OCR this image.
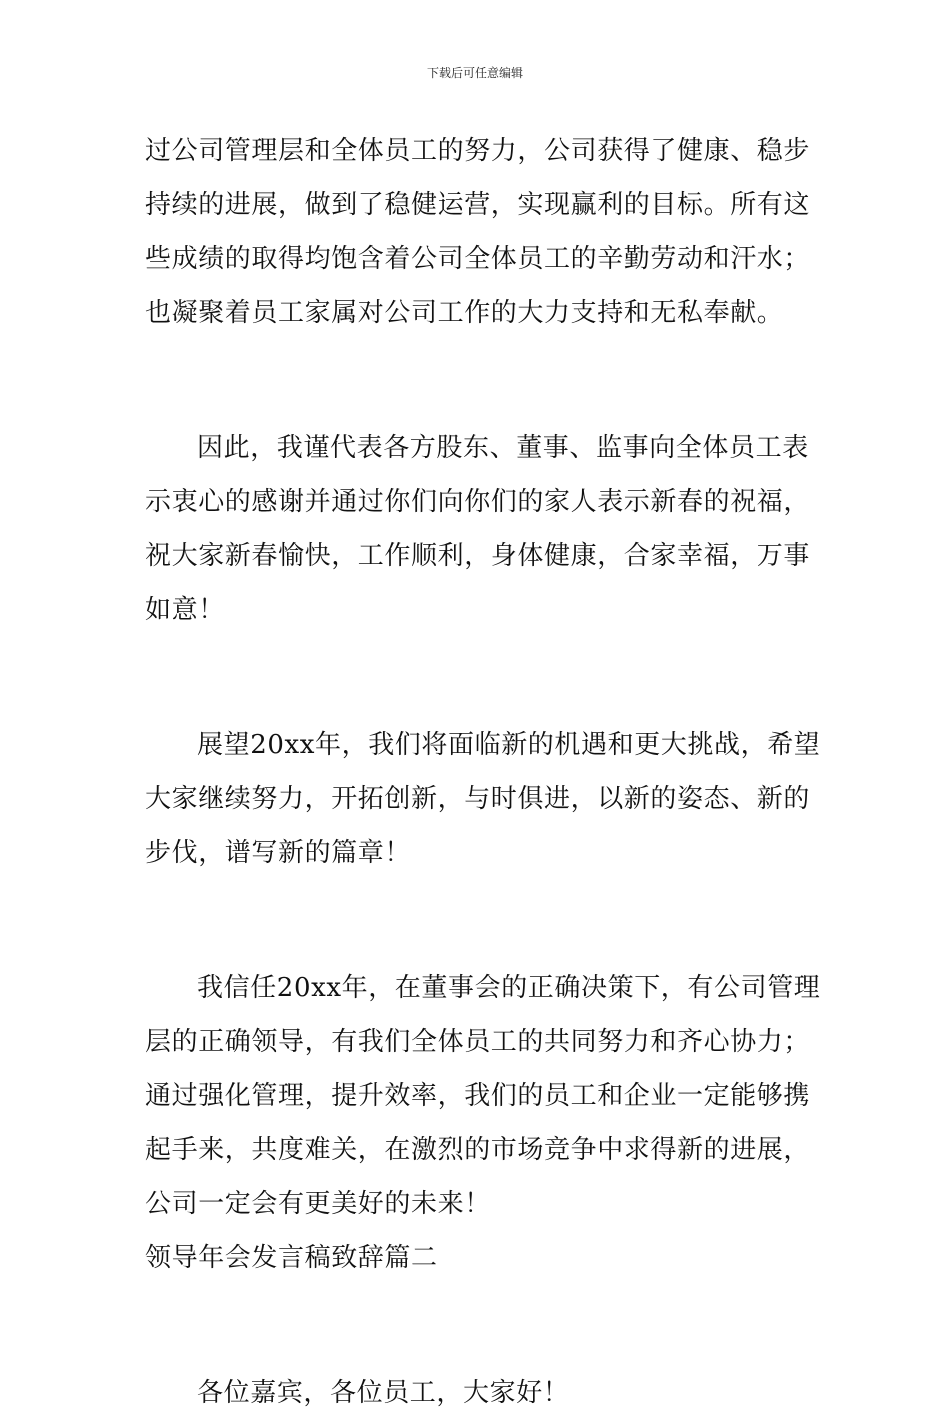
下载后可任意编辑
过公司管理层和全体员工的努力，公司获得了健康、稳步
持续的进展，做到了稳健运营，实现赢利的目标。所有这
些成绩的取得均饱含着公司全体员工的辛勤劳动和汗水；
也凝聚着员工家属对公司工作的大力支持和无私奉献。
因此，我谨代表各方股东、董事、监事向全体员工表
示衷心的感谢并通过你们向你们的家人表示新春的祝福，
祝大家新春愉快，工作顺利，身体健康，合家幸福，万事
如意！
展望20xx年，我们将面临新的机遇和更大挑战，希望
大家继续努力，开拓创新，与时俱进，以新的姿态、新的
步伐，谱写新的篇章！
我信任20xx年，在董事会的正确决策下，有公司管理
层的正确领导，有我们全体员工的共同努力和齐心协力；
通过强化管理，提升效率，我们的员工和企业一定能够携
起手来，共度难关，在激烈的市场竞争中求得新的进展，
公司一定会有更美好的未来！
领导年会发言稿致辞篇二
各位嘉宾，各位员工，大家好！
